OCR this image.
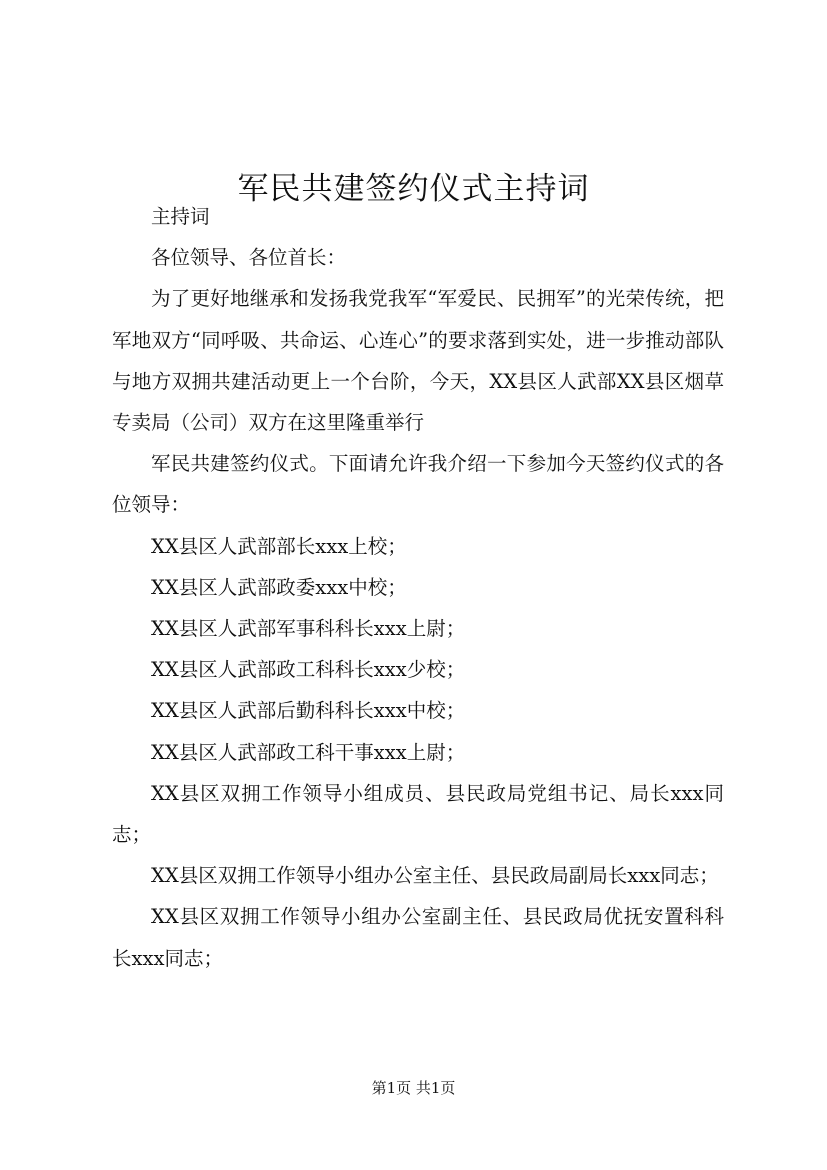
军民共建签约仪式主持词

主持词

各位领导、各位首长：

为了更好地继承和发扬我党我军“军爱民、民拥军”的光荣传统，把军地双方“同呼吸、共命运、心连心”的要求落到实处，进一步推动部队与地方双拥共建活动更上一个台阶，今天，XX县区人武部XX县区烟草专卖局（公司）双方在这里隆重举行

军民共建签约仪式。下面请允许我介绍一下参加今天签约仪式的各位领导：

XX县区人武部部长xxx上校；

XX县区人武部政委xxx中校；

XX县区人武部军事科科长xxx上尉；

XX县区人武部政工科科长xxx少校；

XX县区人武部后勤科科长xxx中校；

XX县区人武部政工科干事xxx上尉；

XX县区双拥工作领导小组成员、县民政局党组书记、局长xxx同志；

XX县区双拥工作领导小组办公室主任、县民政局副局长xxx同志；

XX县区双拥工作领导小组办公室副主任、县民政局优抚安置科科长xxx同志；

第1页 共1页
